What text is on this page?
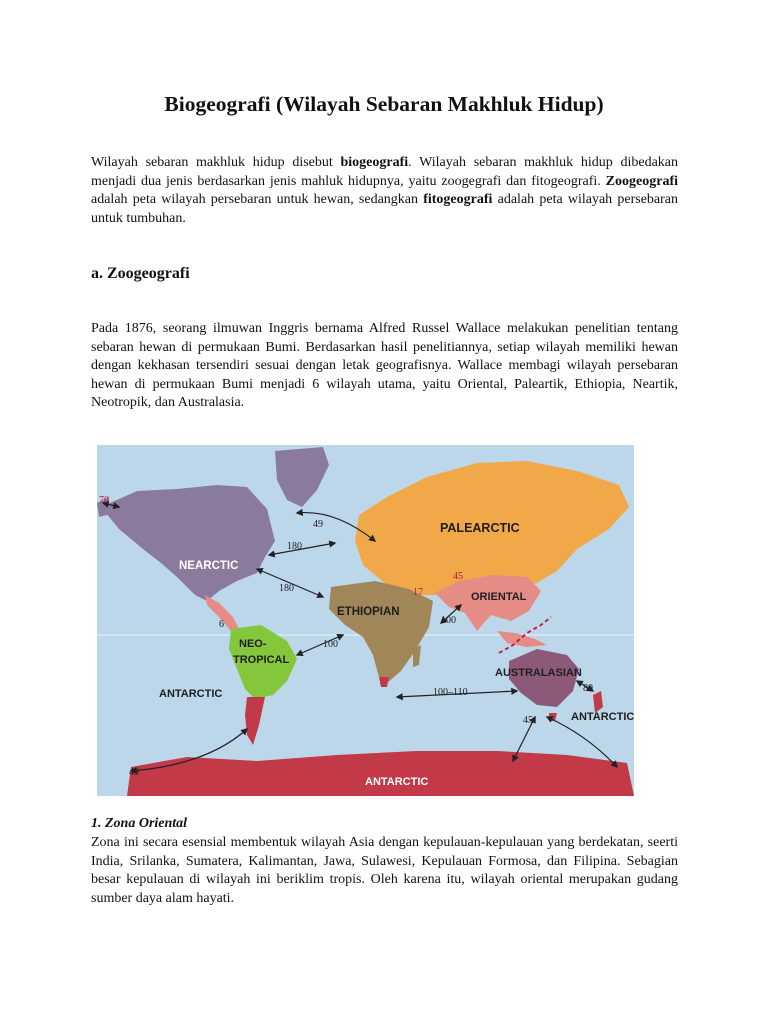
Biogeografi (Wilayah Sebaran Makhluk Hidup)

Wilayah sebaran makhluk hidup disebut biogeografi. Wilayah sebaran makhluk hidup dibedakan menjadi dua jenis berdasarkan jenis mahluk hidupnya, yaitu zoogegrafi dan fitogeografi. Zoogeografi adalah peta wilayah persebaran untuk hewan, sedangkan fitogeografi adalah peta wilayah persebaran untuk tumbuhan.

a. Zoogeografi

Pada 1876, seorang ilmuwan Inggris bernama Alfred Russel Wallace melakukan penelitian tentang sebaran hewan di permukaan Bumi. Berdasarkan hasil penelitiannya, setiap wilayah memiliki hewan dengan kekhasan tersendiri sesuai dengan letak geografisnya. Wallace membagi wilayah persebaran hewan di permukaan Bumi menjadi 6 wilayah utama, yaitu Oriental, Paleartik, Ethiopia, Neartik, Neotropik, dan Australasia.

PALEARCTIC
NEARCTIC
ETHIOPIAN
ORIENTAL
NEO-
TROPICAL
AUSTRALASIAN
ANTARCTIC
ANTARCTIC
ANTARCTIC
70
49
180
180	17
45
100
6
100
100–110	80
45
49

1. Zona Oriental

Zona ini secara esensial membentuk wilayah Asia dengan kepulauan-kepulauan yang berdekatan, seerti India, Srilanka, Sumatera, Kalimantan, Jawa, Sulawesi, Kepulauan Formosa, dan Filipina. Sebagian besar kepulauan di wilayah ini beriklim tropis. Oleh karena itu, wilayah oriental merupakan gudang sumber daya alam hayati.
